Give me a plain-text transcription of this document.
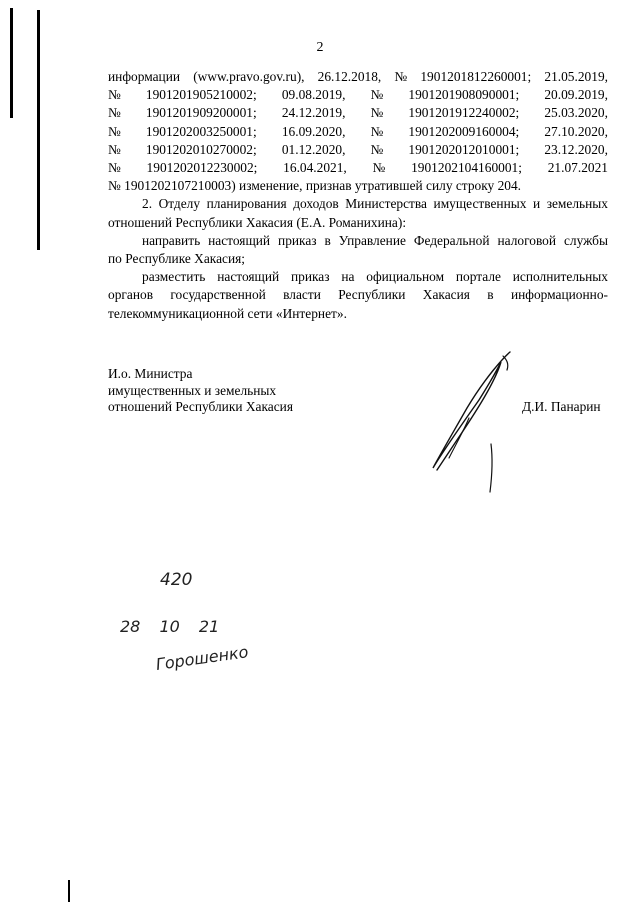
2
информации (www.pravo.gov.ru), 26.12.2018, № 1901201812260001; 21.05.2019,
№ 1901201905210002; 09.08.2019, № 1901201908090001; 20.09.2019,
№ 1901201909200001; 24.12.2019, № 1901201912240002; 25.03.2020,
№ 1901202003250001; 16.09.2020, № 1901202009160004; 27.10.2020,
№ 1901202010270002; 01.12.2020, № 1901202012010001; 23.12.2020,
№ 1901202012230002; 16.04.2021, № 1901202104160001; 21.07.2021
№ 1901202107210003) изменение, признав утратившей силу строку 204.
2. Отделу планирования доходов Министерства имущественных и земельных
отношений Республики Хакасия (Е.А. Романихина):
направить настоящий приказ в Управление Федеральной налоговой службы
по Республике Хакасия;
разместить настоящий приказ на официальном портале исполнительных
органов государственной власти Республики Хакасия в информационно-
телекоммуникационной сети «Интернет».
И.о. Министра
имущественных и земельных
отношений Республики Хакасия	Д.И. Панарин
420
28 10 21
Горошенко
